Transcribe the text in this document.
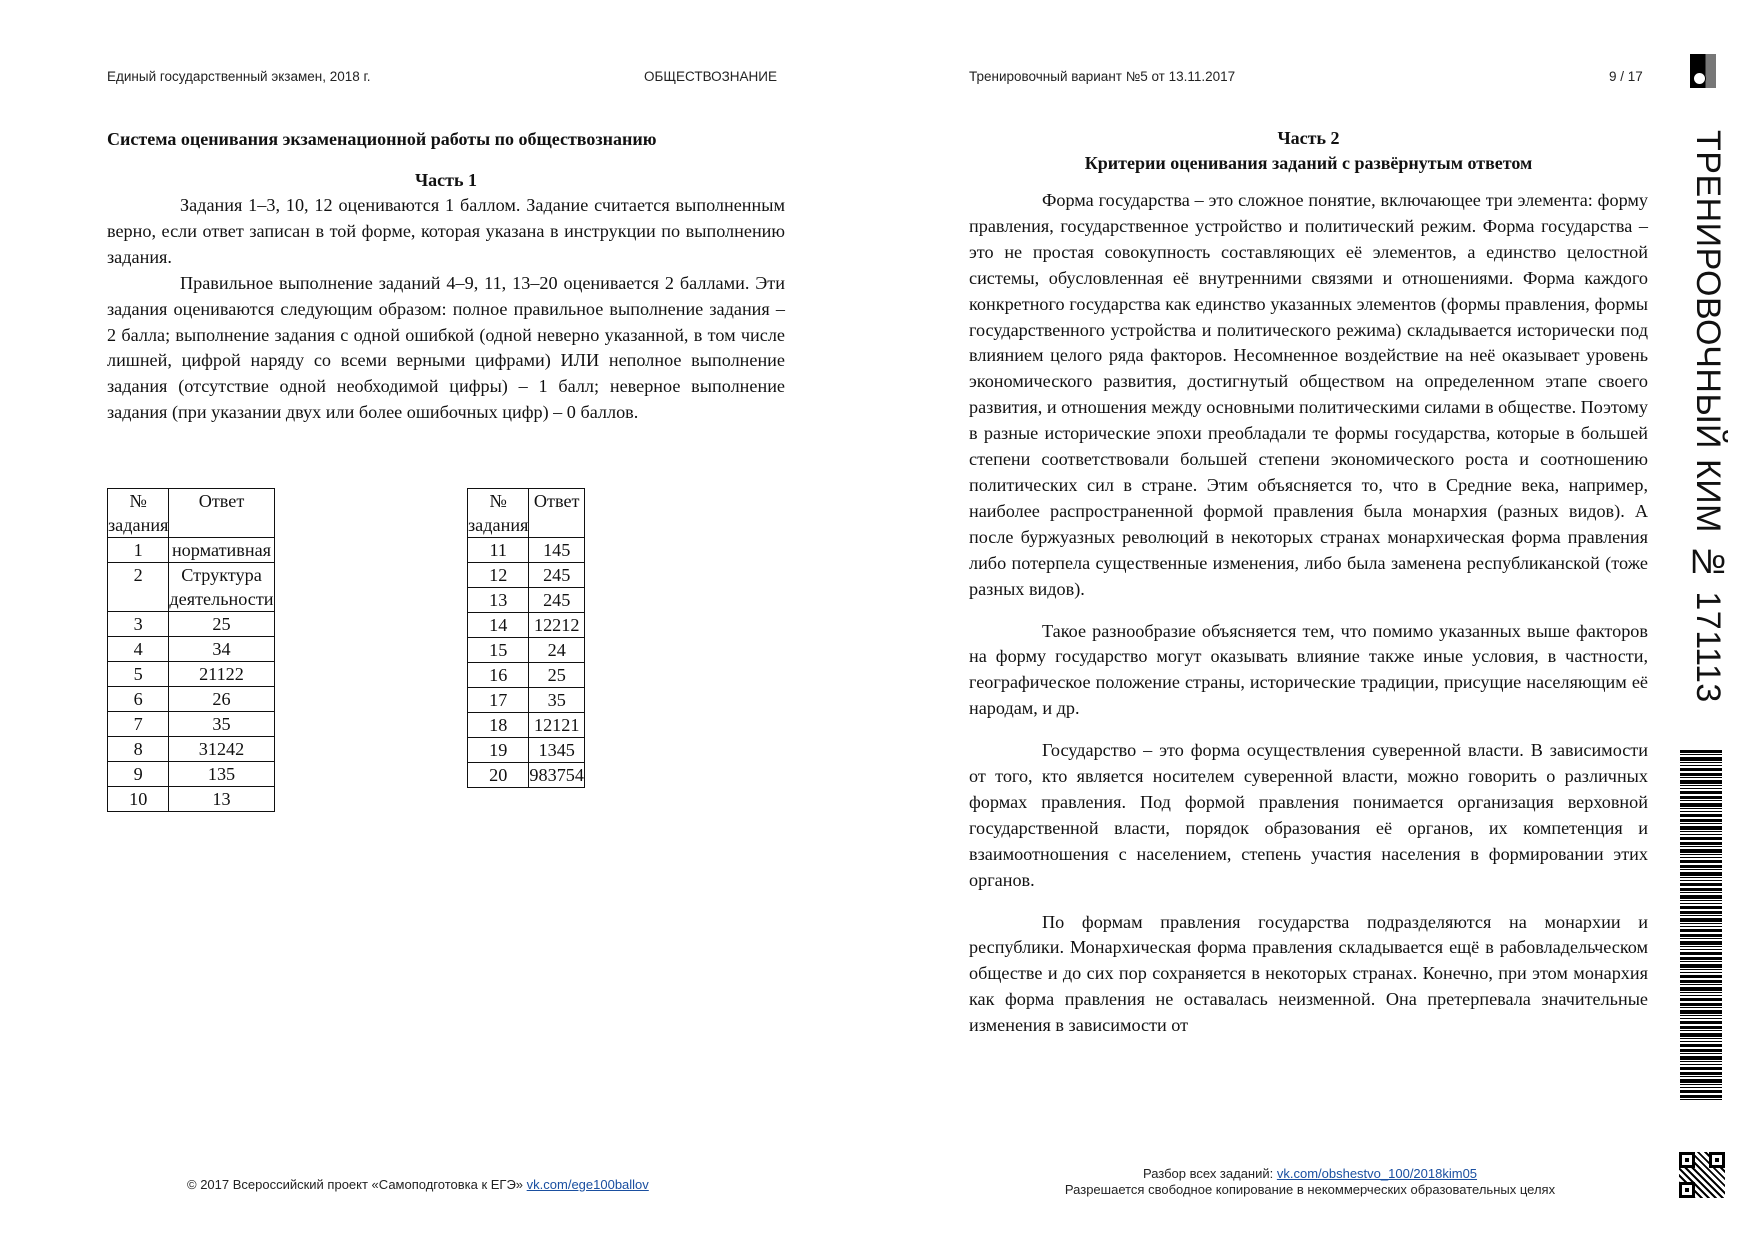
Единый государственный экзамен, 2018 г.	ОБЩЕСТВОЗНАНИЕ	Тренировочный вариант №5 от 13.11.2017	9 / 17
Система оценивания экзаменационной работы по обществознанию

Часть 1

Задания 1–3, 10, 12 оцениваются 1 баллом. Задание считается выполненным верно, если ответ записан в той форме, которая указана в инструкции по выполнению задания.

Правильное выполнение заданий 4–9, 11, 13–20 оценивается 2 баллами. Эти задания оцениваются следующим образом: полное правильное выполнение задания – 2 балла; выполнение задания с одной ошибкой (одной неверно указанной, в том числе лишней, цифрой наряду со всеми верными цифрами) ИЛИ неполное выполнение задания (отсутствие одной необходимой цифры) – 1 балл; неверное выполнение задания (при указании двух или более ошибочных цифр) – 0 баллов.

№ задания	Ответ
1	нормативная
2	Структура деятельности
3	25
4	34
5	21122
6	26
7	35
8	31242
9	135
10	13
№ задания	Ответ
11	145
12	245
13	245
14	12212
15	24
16	25
17	35
18	12121
19	1345
20	983754

Часть 2

Критерии оценивания заданий с развёрнутым ответом

Форма государства – это сложное понятие, включающее три элемента: форму правления, государственное устройство и политический режим. Форма государства – это не простая совокупность составляющих её элементов, а единство целостной системы, обусловленная её внутренними связями и отношениями. Форма каждого конкретного государства как единство указанных элементов (формы правления, формы государственного устройства и политического режима) складывается исторически под влиянием целого ряда факторов. Несомненное воздействие на неё оказывает уровень экономического развития, достигнутый обществом на определенном этапе своего развития, и отношения между основными политическими силами в обществе. Поэтому в разные исторические эпохи преобладали те формы государства, которые в большей степени соответствовали большей степени экономического роста и соотношению политических сил в стране. Этим объясняется то, что в Средние века, например, наиболее распространенной формой правления была монархия (разных видов). А после буржуазных революций в некоторых странах монархическая форма правления либо потерпела существенные изменения, либо была заменена республиканской (тоже разных видов).

Такое разнообразие объясняется тем, что помимо указанных выше факторов на форму государство могут оказывать влияние также иные условия, в частности, географическое положение страны, исторические традиции, присущие населяющим её народам, и др.

Государство – это форма осуществления суверенной власти. В зависимости от того, кто является носителем суверенной власти, можно говорить о различных формах правления. Под формой правления понимается организация верховной государственной власти, порядок образования её органов, их компетенция и взаимоотношения с населением, степень участия населения в формировании этих органов.

По формам правления государства подразделяются на монархии и республики. Монархическая форма правления складывается ещё в рабовладельческом обществе и до сих пор сохраняется в некоторых странах. Конечно, при этом монархия как форма правления не оставалась неизменной. Она претерпевала значительные изменения в зависимости от

© 2017 Всероссийский проект «Самоподготовка к ЕГЭ» vk.com/ege100ballov
Разбор всех заданий: vk.com/obshestvo_100/2018kim05
Разрешается свободное копирование в некоммерческих образовательных целях
ТРЕНИРОВОЧНЫЙ КИМ № 171113
